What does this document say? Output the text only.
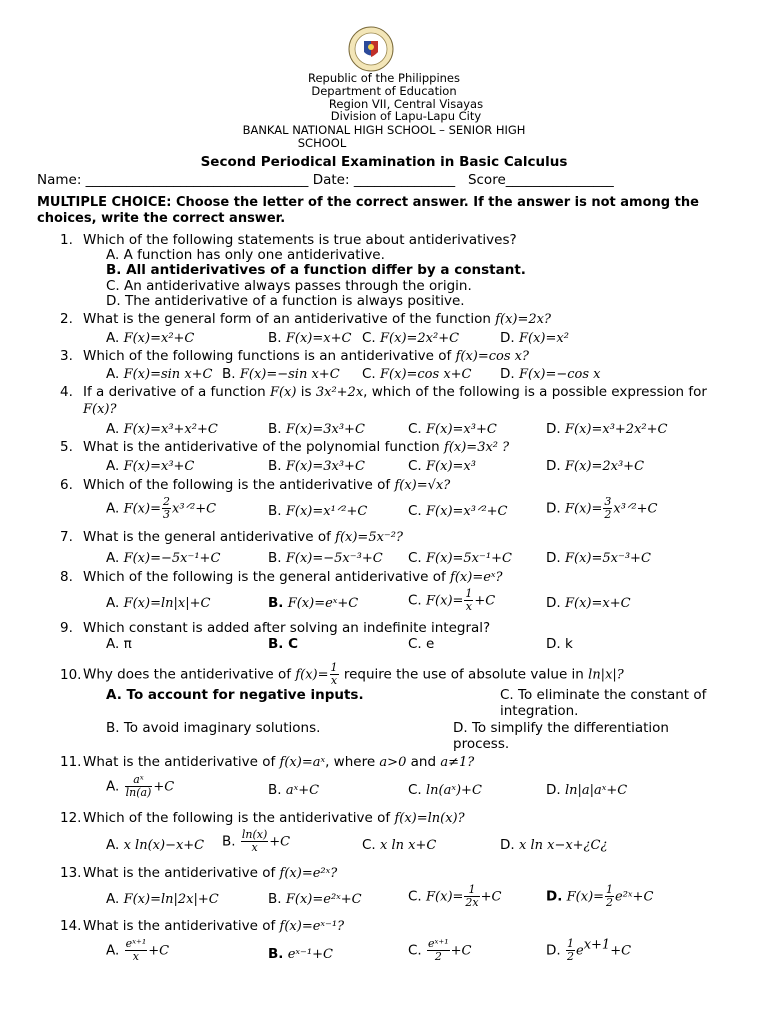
Republic of the Philippines
Department of Education
Region VII, Central Visayas
Division of Lapu-Lapu City
BANKAL NATIONAL HIGH SCHOOL – SENIOR HIGH
SCHOOL
Second Periodical Examination in Basic Calculus
Name: _________________________________ Date: _______________   Score________________
MULTIPLE CHOICE: Choose the letter of the correct answer. If the answer is not among the choices, write the correct answer.
1. Which of the following statements is true about antiderivatives?
A. A function has only one antiderivative.
B. All antiderivatives of a function differ by a constant.
C. An antiderivative always passes through the origin.
D. The antiderivative of a function is always positive.
2. What is the general form of an antiderivative of the function f(x)=2x?
A. F(x)=x²+C	B. F(x)=x+C C. F(x)=2x²+C	D. F(x)=x²
3. Which of the following functions is an antiderivative of f(x)=cos x?
A. F(x)=sin x+C B. F(x)=−sin x+C C. F(x)=cos x+C D. F(x)=−cos x
4. If a derivative of a function F(x) is 3x²+2x, which of the following is a possible expression for
F(x)?
A. F(x)=x³+x²+C	B. F(x)=3x³+C	C. F(x)=x³+C	D. F(x)=x³+2x²+C
5. What is the antiderivative of the polynomial function f(x)=3x² ?
A. F(x)=x³+C	B. F(x)=3x³+C	C. F(x)=x³	D. F(x)=2x³+C
6. Which of the following is the antiderivative of f(x)=√x?
A. $F(x)= \frac{2}{3}$ x³ᐟ²+C	B. F(x)=x¹ᐟ²+C	C. F(x)=x³ᐟ²+C	D. $F(x)= \frac{3}{2}$ x³ᐟ²+C
7. What is the general antiderivative of f(x)=5x⁻²?
A. F(x)=−5x⁻¹+C	B. F(x)=−5x⁻³+C C. F(x)=5x⁻¹+C	D. F(x)=5x⁻³+C
8. Which of the following is the general antiderivative of f(x)=eˣ?
A. F(x)=ln|x|+C	B. F(x)=eˣ+C	C. $F(x)= \frac{1}{x} +C$	D. F(x)=x+C
9. Which constant is added after solving an indefinite integral?
A. π	B. C	C. e	D. k
10. Why does the antiderivative of $f(x)= \frac{1}{x}$ require the use of absolute value in ln|x|?
A. To account for negative inputs.	C. To eliminate the constant of integration.
B. To avoid imaginary solutions.	D. To simplify the differentiation process.
11. What is the antiderivative of f(x)=aˣ, where a>0 and a≠1?
A. $\frac{\text{aˣ}}{\ln(a)} +C$	B. aˣ+C	C. ln(aˣ)+C	D. ln|a|aˣ+C
12. Which of the following is the antiderivative of f(x)=ln(x)?
A. x ln(x)−x+C B. $\frac{\ln(x)}{x} +C$	C. x ln x+C	D. x ln x−x+¿C¿
13. What is the antiderivative of f(x)=e²ˣ?
A. F(x)=ln|2x|+C	B. F(x)=e²ˣ+C	C. $F(x)= \frac{1}{2x} +C$	D. $F(x)= \frac{1}{2}$ e²ˣ+C
14. What is the antiderivative of f(x)=eˣ⁻¹?
A. $\frac{\text{eˣ⁺¹}}{x} +C$	B. eˣ⁻¹+C	C. $\frac{\text{eˣ⁺¹}}{2} +C$	D. $\frac{1}{2} e^{x+1}+C$
